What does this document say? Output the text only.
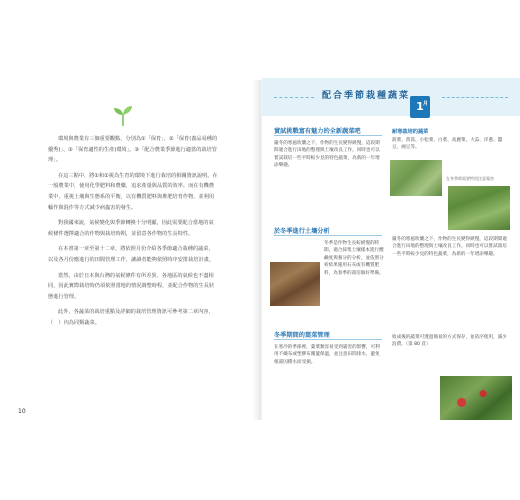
環境與農業有三個重要觀點，分別為①「保育」、②「保育(養品易種的優秀)」、③「保育適性的生產)環境」。③「配合農業季節進行適當的栽培管理」。

在這三點中，將①和②視為生育的環境下進行栽培的相關資訊說明。在一般農業中，使用化學肥料和農藥，追求產量與品質的效率。而在有機農業中，重視土壤與生態系的平衡，以有機質肥料與堆肥培育作物，並利用輪作與混作等方式減少病蟲害的發生。

對我國來說，氣候變化與季節轉換十分明顯，因此需要配合當地的氣候條件選擇適合的作物與栽培時期，並留意各作物的生長特性。

在本書第一章至第十二章，將依照月份介紹各季節適合栽種的蔬菜，以及各月份應進行的田間管理工作，讓讀者能夠依照時序安排栽培計畫。

當然，由於日本與台灣的氣候條件有所差異，各地區的氣候也不盡相同，因此實際栽培時仍須依照當地的情況調整時程，並配合作物的生長狀態進行管理。

此外，各蔬菜的栽培重點及詳細的栽培管理資訊可參考第二章內容，（　）內為同類蔬菜。

10
配合季節栽種蔬菜
1 月
耐寒栽培的蔬菜

菠菜、茼蒿、小松菜、白菜、高麗菜、大蒜、洋蔥、蠶豆、豌豆等。

在冬季時需要特別注意霜害
實試挑戰富有魅力的全新蔬菜吧

嚴冬的寒風吹襲之下，作物的生長變得緩慢，這段期間適合進行田地的整理與土壤改良工作。同時也可以嘗試栽培一些平時較少見的特色蔬菜，為新的一年增添樂趣。

於冬季進行土壤分析

冬季是作物生長較緩慢的時期，適合採集土壤樣本進行酸鹼度與養分的分析，並依照分析結果施用石灰或有機質肥料，為春季的栽培做好準備。

嚴冬的寒風吹襲之下，作物的生長變得緩慢，這段期間適合進行田地的整理與土壤改良工作。同時也可以嘗試栽培一些平時較少見的特色蔬菜，為新的一年增添樂趣。

冬季期間的葉菜管理

在寒冷的季節裡，葉菜類容易受到霜害的影響，可利用不織布或塑膠布覆蓋保溫，並注意田間排水，避免根部因積水而受損。

收成後的蔬菜可透過簡易的方式保存，並依序使用，減少浪費。（第 80 頁）
